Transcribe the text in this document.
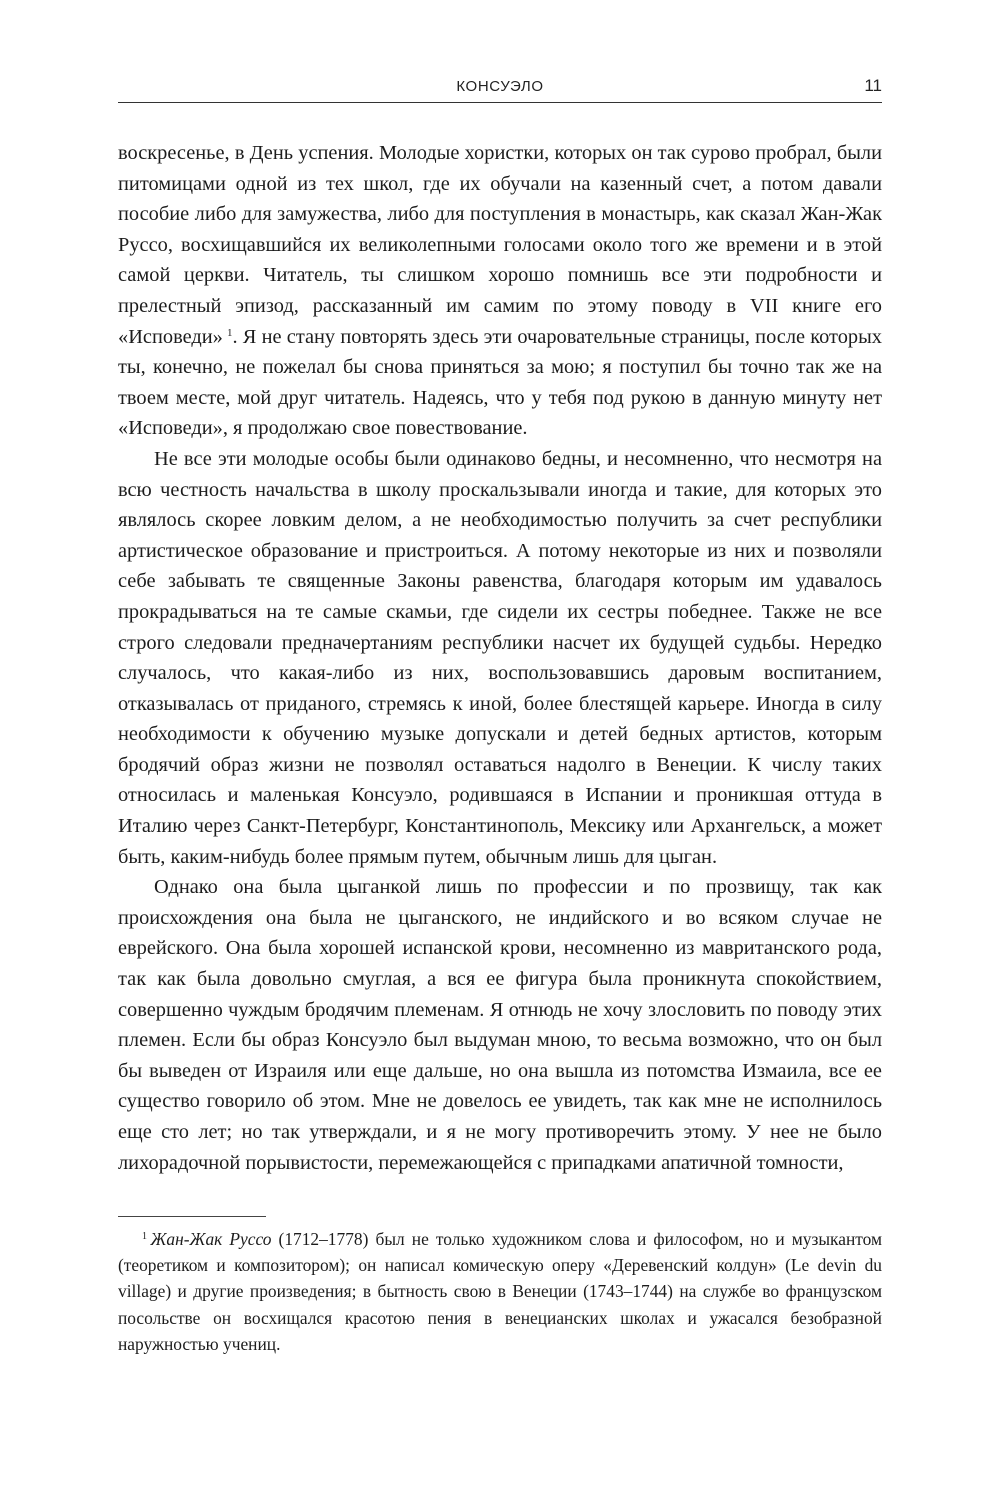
КОНСУЭЛО	11

воскресенье, в День успения. Молодые хористки, которых он так сурово пробрал, были питомицами одной из тех школ, где их обучали на казенный счет, а потом давали пособие либо для замужества, либо для поступления в монастырь, как сказал Жан-Жак Руссо, восхищавшийся их великолепными голосами около того же времени и в этой самой церкви. Читатель, ты слишком хорошо помнишь все эти подробности и прелестный эпизод, рассказанный им самим по этому поводу в VII книге его «Исповеди»  $^1$. Я не стану повторять здесь эти очаровательные страницы, после которых ты, конечно, не пожелал бы снова приняться за мою; я поступил бы точно так же на твоем месте, мой друг читатель. Надеясь, что у тебя под рукою в данную минуту нет «Исповеди», я продолжаю свое повествование.

Не все эти молодые особы были одинаково бедны, и несомненно, что несмотря на всю честность начальства в школу проскальзывали иногда и такие, для которых это являлось скорее ловким делом, а не необходимостью получить за счет республики артистическое образование и пристроиться. А потому некоторые из них и позволяли себе забывать те священные Законы равенства, благодаря которым им удавалось прокрадываться на те самые скамьи, где сидели их сестры победнее. Также не все строго следовали предначертаниям республики насчет их будущей судьбы. Нередко случалось, что какая-либо из них, воспользовавшись даровым воспитанием, отказывалась от приданого, стремясь к иной, более блестящей карьере. Иногда в силу необходимости к обучению музыке допускали и детей бедных артистов, которым бродячий образ жизни не позволял оставаться надолго в Венеции. К числу таких относилась и маленькая Консуэло, родившаяся в Испании и проникшая оттуда в Италию через Санкт-Петербург, Константинополь, Мексику или Архангельск, а может быть, каким-нибудь более прямым путем, обычным лишь для цыган.

Однако она была цыганкой лишь по профессии и по прозвищу, так как происхождения она была не цыганского, не индийского и во всяком случае не еврейского. Она была хорошей испанской крови, несомненно из мавританского рода, так как была довольно смуглая, а вся ее фигура была проникнута спокойствием, совершенно чуждым бродячим племенам. Я отнюдь не хочу злословить по поводу этих племен. Если бы образ Консуэло был выдуман мною, то весьма возможно, что он был бы выведен от Израиля или еще дальше, но она вышла из потомства Измаила, все ее существо говорило об этом. Мне не довелось ее увидеть, так как мне не исполнилось еще сто лет; но так утверждали, и я не могу противоречить этому. У нее не было лихорадочной порывистости, перемежающейся с припадками апатичной томности,

$^1$  Жан-Жак Руссо (1712–1778) был не только художником слова и философом, но и музыкантом (теоретиком и композитором); он написал комическую оперу «Деревенский колдун» (Le devin du village) и другие произведения; в бытность свою в Венеции (1743–1744) на службе во французском посольстве он восхищался красотою пения в венецианских школах и ужасался безобразной наружностью учениц.
